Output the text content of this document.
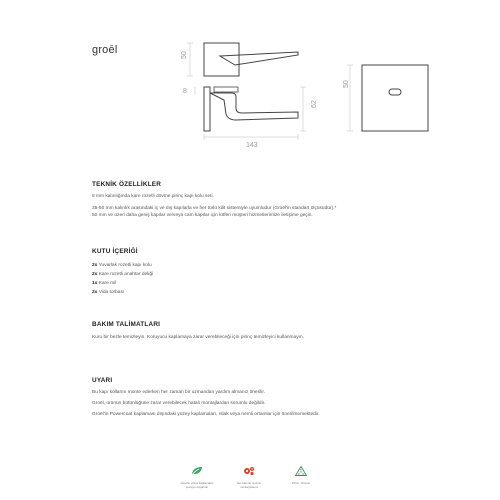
groēl	50
8
62
143
50

TEKNİK ÖZELLİKLER

8 mm kalınlığında kare rozetli dövme pirinç kapı kolu seti.

35-50 mm kalınlık arasındaki iç ve dış kapılarla ve her türlü kilit sistemiyle uyumludur (Groël'in standart ölçüsüdür).*

50 mm ve üzeri daha geniş kapılar ve/veya cam kapılar için lütfen müşteri hizmetlerimize iletişime geçin.

KUTU İÇERİĞİ

2x Yuvarlak rozetli kapı kolu

2x Kare rozetli anahtar deliği

1x Kare mil

2x Vida torbası

BAKIM TALİMATLARI

Kuru bir bezle temizleyin. Koruyucu kaplamaya zarar verebileceği için pirinç temizleyici kullanmayın.

UYARI

Bu kapı kollarını monte ederken her zaman bir uzmandan yardım almanız önerilir.

Groël, ürünün bütünlüğüne zarar verebilecek hatalı montajlardan sorumlu değildir.

Groël'in Powercoat kaplaması dışındaki yüzey kaplamaları, ıslak veya nemli ortamlar için önerilmemektedir.

Groël'in yüzey kaplamaları
çevreye duyarlıdır
Her kapı ile uyumlu
montaj sistemi
Pirinç - Dövme
